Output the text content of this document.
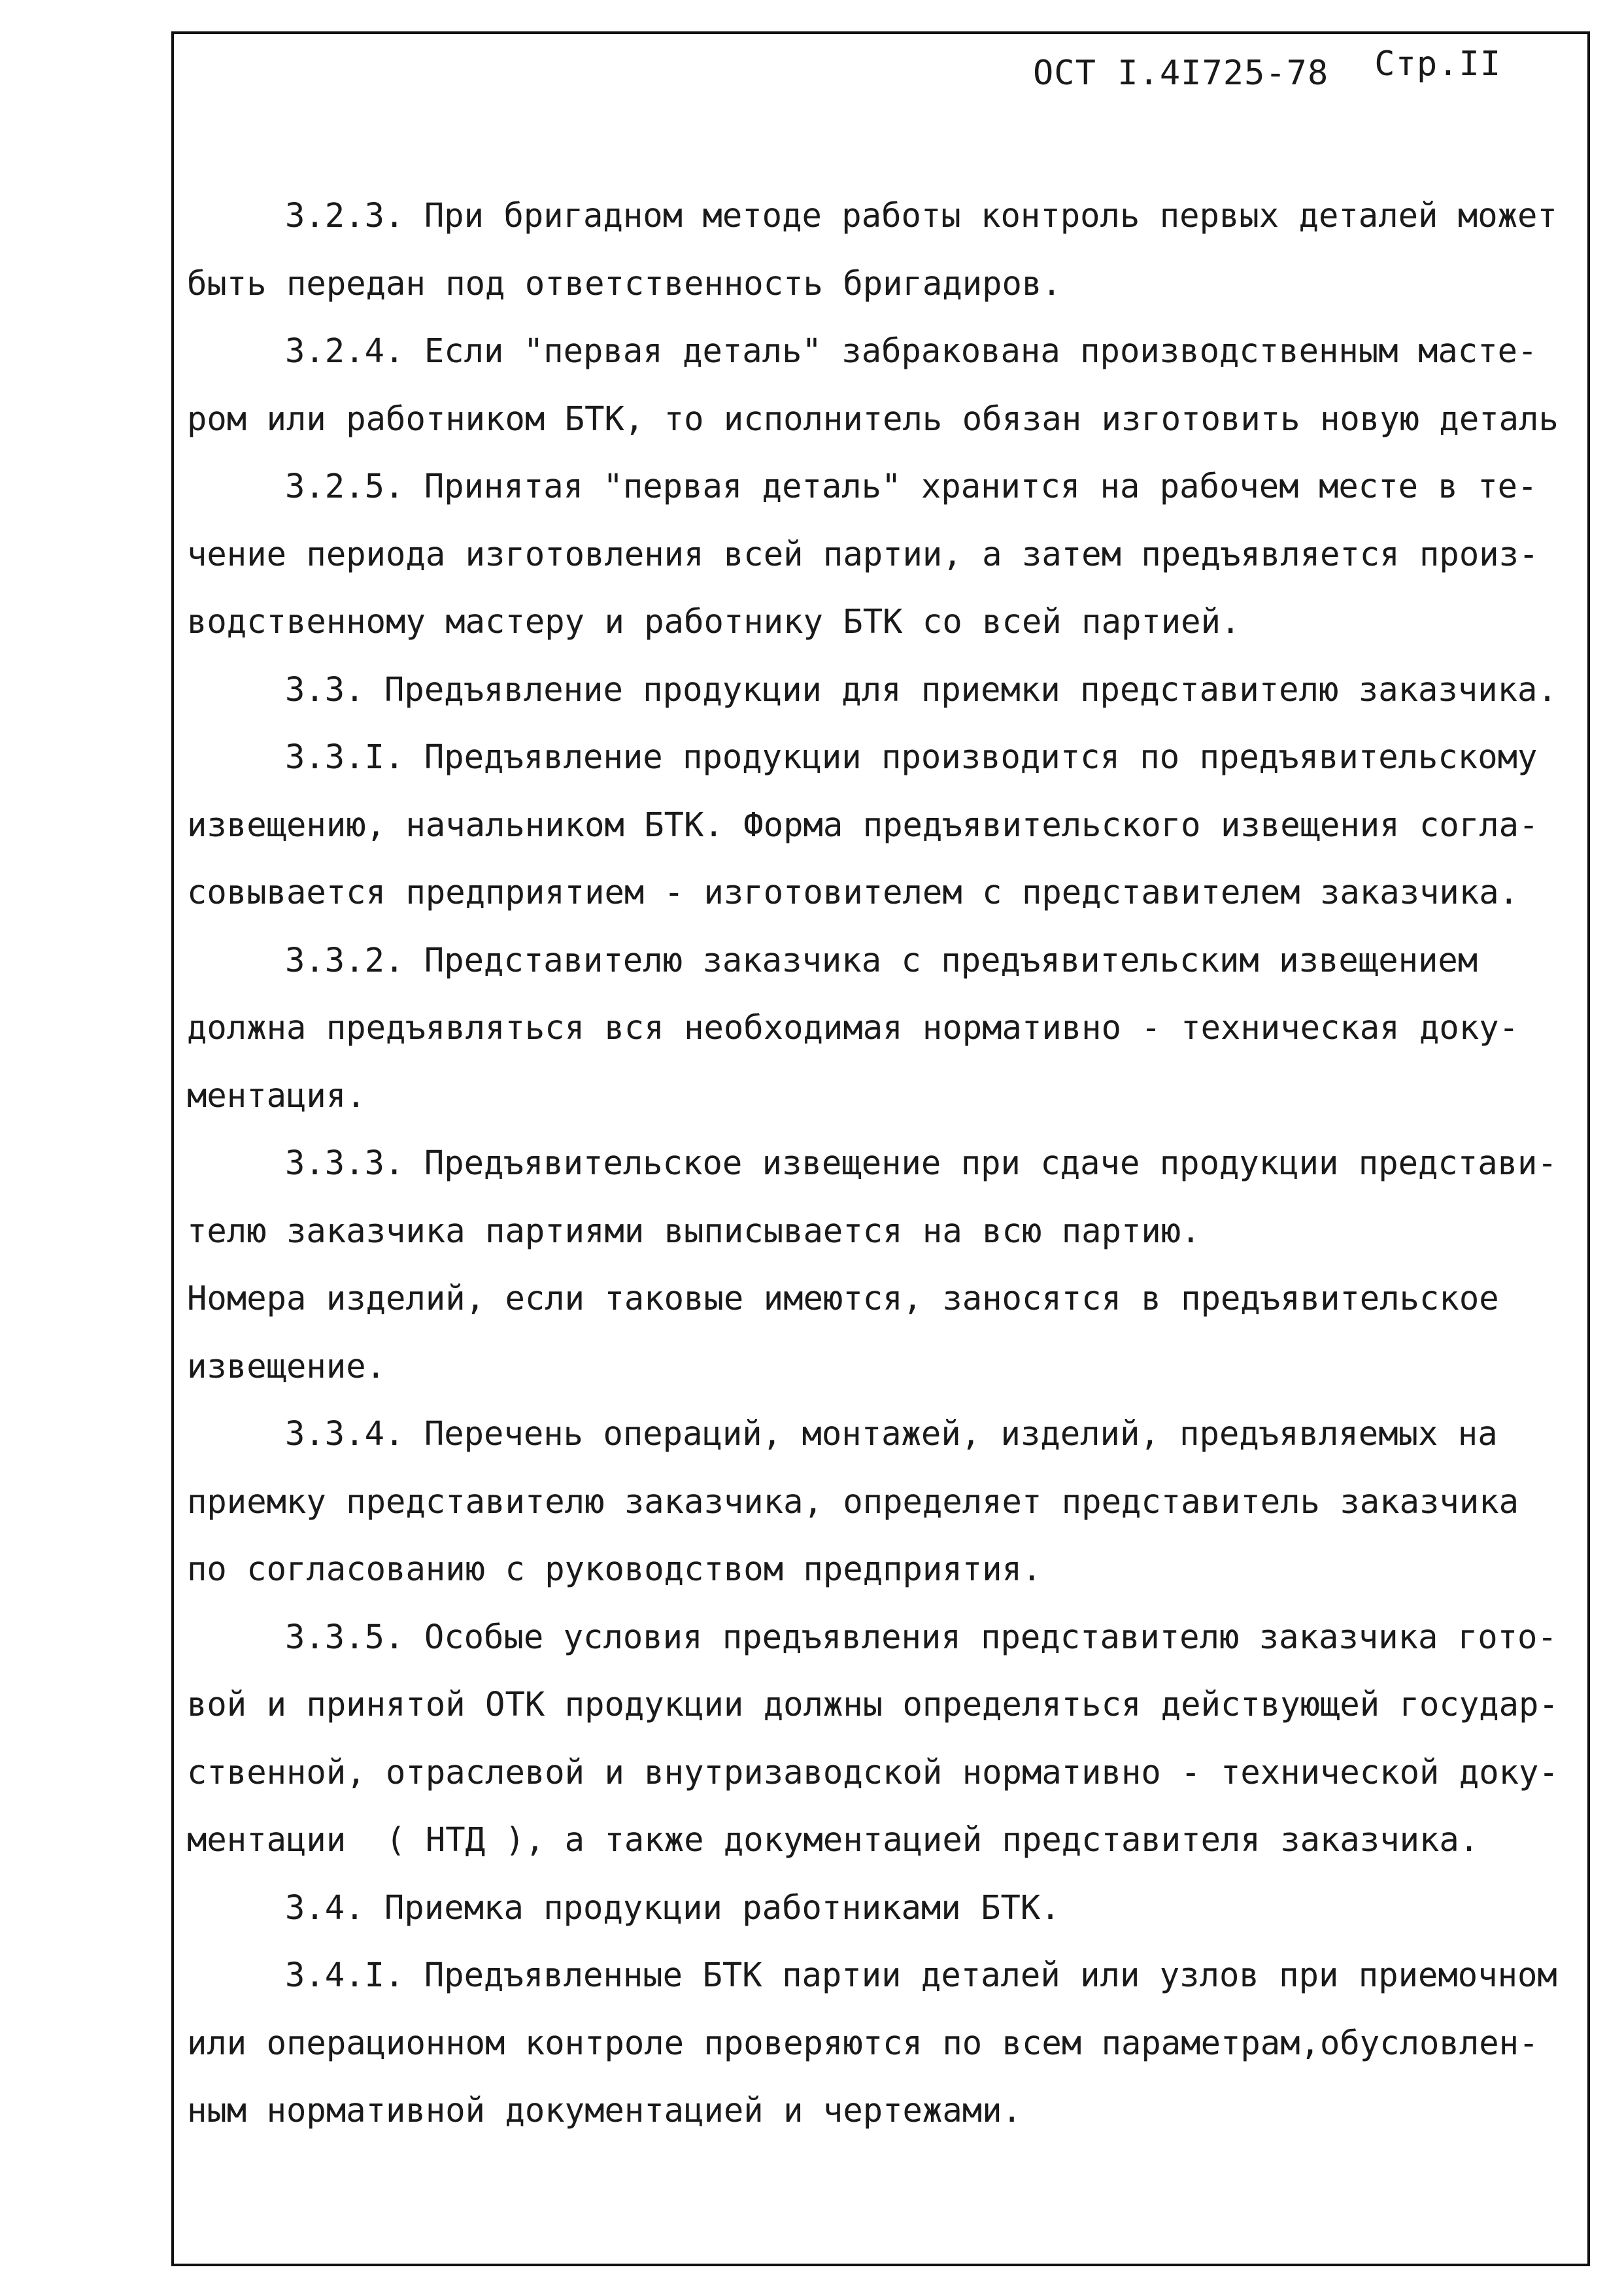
ОСТ I.4I725-78 Стр.II
3.2.3. При бригадном методе работы контроль первых деталей может
быть передан под ответственность бригадиров.
3.2.4. Если "первая деталь" забракована производственным масте-
ром или работником БТК, то исполнитель обязан изготовить новую деталь
3.2.5. Принятая "первая деталь" хранится на рабочем месте в те-
чение периода изготовления всей партии, а затем предъявляется произ-
водственному мастеру и работнику БТК со всей партией.
3.3. Предъявление продукции для приемки представителю заказчика.
3.3.I. Предъявление продукции производится по предъявительскому
извещению, начальником БТК. Форма предъявительского извещения согла-
совывается предприятием - изготовителем с представителем заказчика.
3.3.2. Представителю заказчика с предъявительским извещением
должна предъявляться вся необходимая нормативно - техническая доку-
ментация.
3.3.3. Предъявительское извещение при сдаче продукции представи-
телю заказчика партиями выписывается на всю партию.
Номера изделий, если таковые имеются, заносятся в предъявительское
извещение.
3.3.4. Перечень операций, монтажей, изделий, предъявляемых на
приемку представителю заказчика, определяет представитель заказчика
по согласованию с руководством предприятия.
3.3.5. Особые условия предъявления представителю заказчика гото-
вой и принятой ОТК продукции должны определяться действующей государ-
ственной, отраслевой и внутризаводской нормативно - технической доку-
ментации  ( НТД ), а также документацией представителя заказчика.
3.4. Приемка продукции работниками БТК.
3.4.I. Предъявленные БТК партии деталей или узлов при приемочном
или операционном контроле проверяются по всем параметрам,обусловлен-
ным нормативной документацией и чертежами.
